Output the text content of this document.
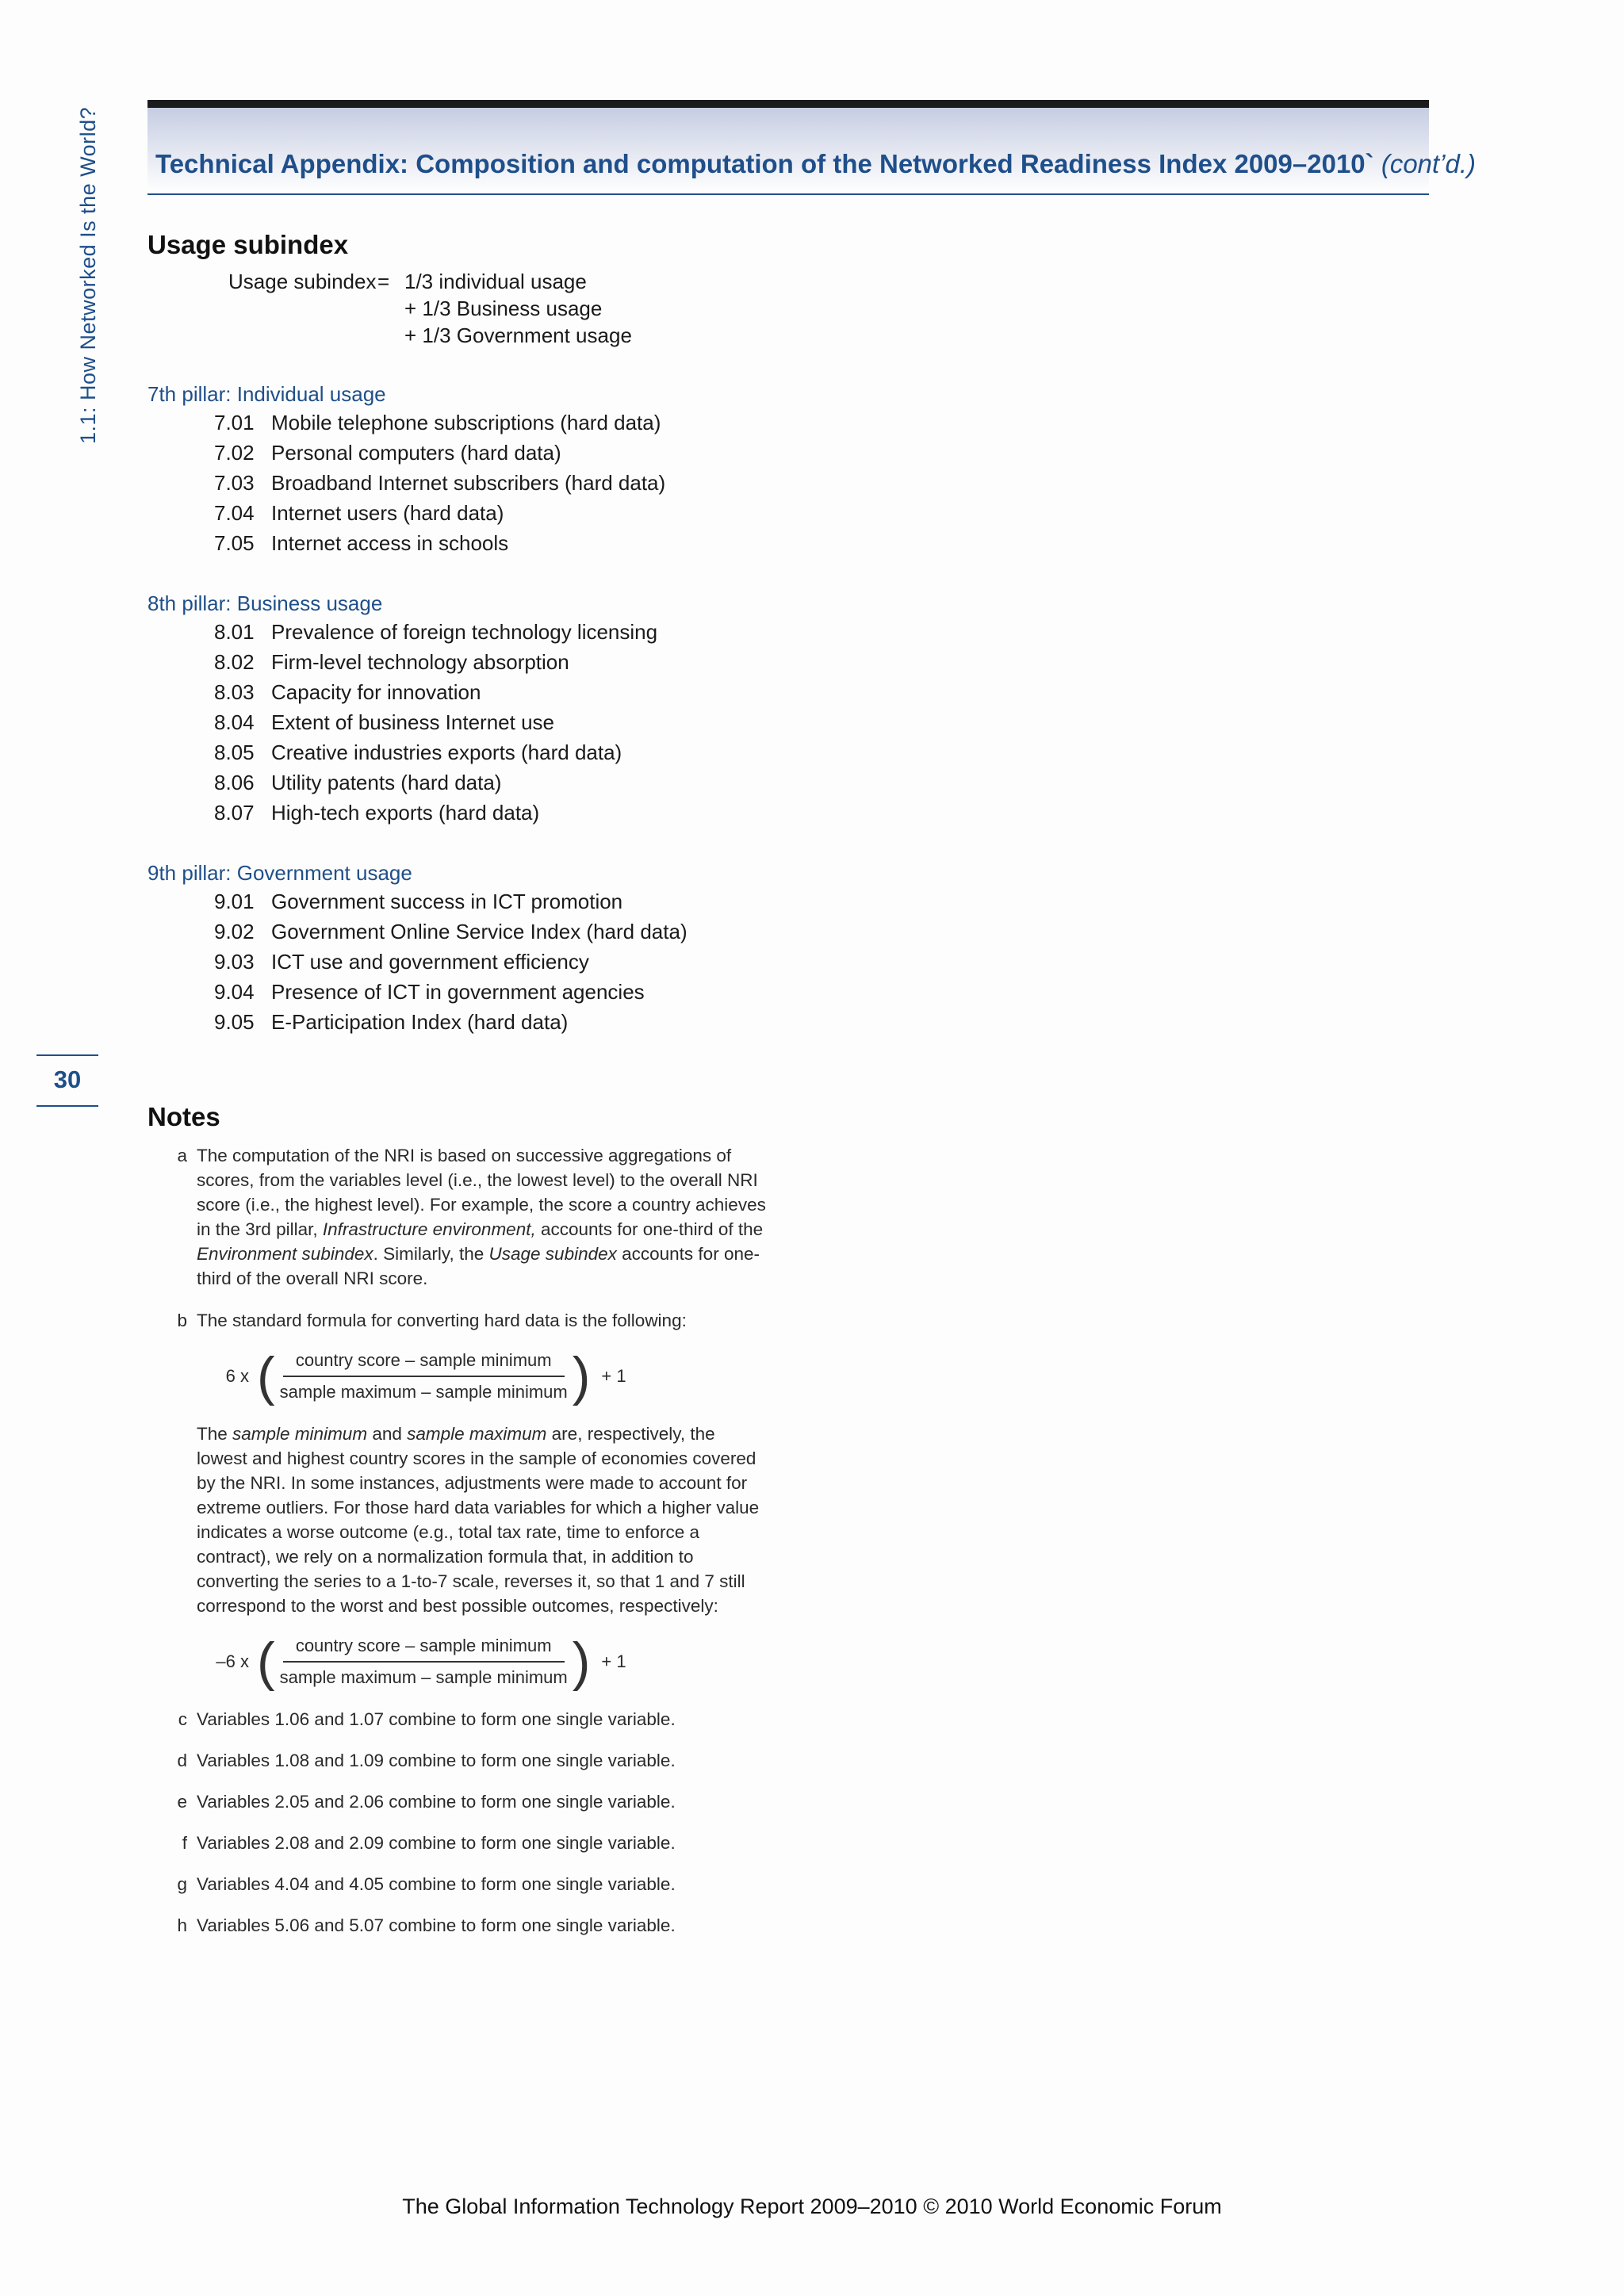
1.1: How Networked Is the World?
30
Technical Appendix: Composition and computation of the Networked Readiness Index 2009–2010` (cont’d.)
Usage subindex
Usage subindex = 1/3 individual usage
+ 1/3 Business usage
+ 1/3 Government usage
7th pillar: Individual usage
7.01 Mobile telephone subscriptions (hard data)
7.02 Personal computers (hard data)
7.03 Broadband Internet subscribers (hard data)
7.04 Internet users (hard data)
7.05 Internet access in schools
8th pillar: Business usage
8.01 Prevalence of foreign technology licensing
8.02 Firm-level technology absorption
8.03 Capacity for innovation
8.04 Extent of business Internet use
8.05 Creative industries exports (hard data)
8.06 Utility patents (hard data)
8.07 High-tech exports (hard data)
9th pillar: Government usage
9.01 Government success in ICT promotion
9.02 Government Online Service Index (hard data)
9.03 ICT use and government efficiency
9.04 Presence of ICT in government agencies
9.05 E-Participation Index (hard data)
Notes
a The computation of the NRI is based on successive aggregations of scores, from the variables level (i.e., the lowest level) to the overall NRI score (i.e., the highest level). For example, the score a country achieves in the 3rd pillar, Infrastructure environment, accounts for one-third of the Environment subindex. Similarly, the Usage subindex accounts for one-third of the overall NRI score.
b The standard formula for converting hard data is the following:
6 x ( $\frac{\text{country score – sample minimum}}{\text{sample maximum – sample minimum}}$ ) + 1
The sample minimum and sample maximum are, respectively, the lowest and highest country scores in the sample of economies covered by the NRI. In some instances, adjustments were made to account for extreme outliers. For those hard data variables for which a higher value indicates a worse outcome (e.g., total tax rate, time to enforce a contract), we rely on a normalization formula that, in addition to converting the series to a 1-to-7 scale, reverses it, so that 1 and 7 still correspond to the worst and best possible outcomes, respectively:
–6 x ( $\frac{\text{country score – sample minimum}}{\text{sample maximum – sample minimum}}$ ) + 1
c Variables 1.06 and 1.07 combine to form one single variable.
d Variables 1.08 and 1.09 combine to form one single variable.
e Variables 2.05 and 2.06 combine to form one single variable.
f Variables 2.08 and 2.09 combine to form one single variable.
g Variables 4.04 and 4.05 combine to form one single variable.
h Variables 5.06 and 5.07 combine to form one single variable.
The Global Information Technology Report 2009–2010 © 2010 World Economic Forum
